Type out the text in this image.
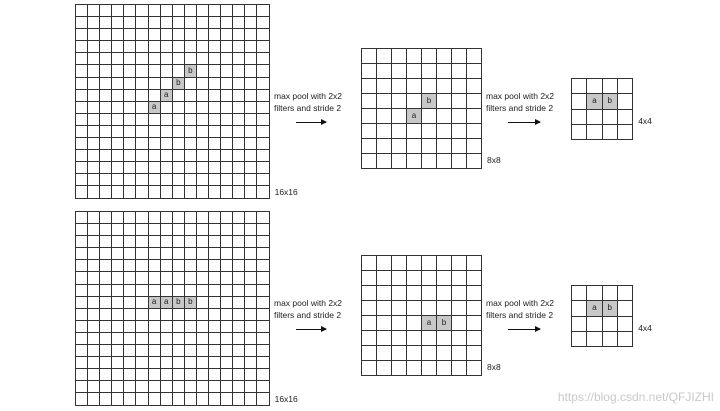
b
b
a
a
16x16
b
a
8x8
a	b
4x4
max pool with 2x2
filters and stride 2
max pool with 2x2
filters and stride 2
a a b b
16x16
a	b
8x8
a	b
4x4
max pool with 2x2
filters and stride 2
max pool with 2x2
filters and stride 2
https://blog.csdn.net/QFJIZHI
